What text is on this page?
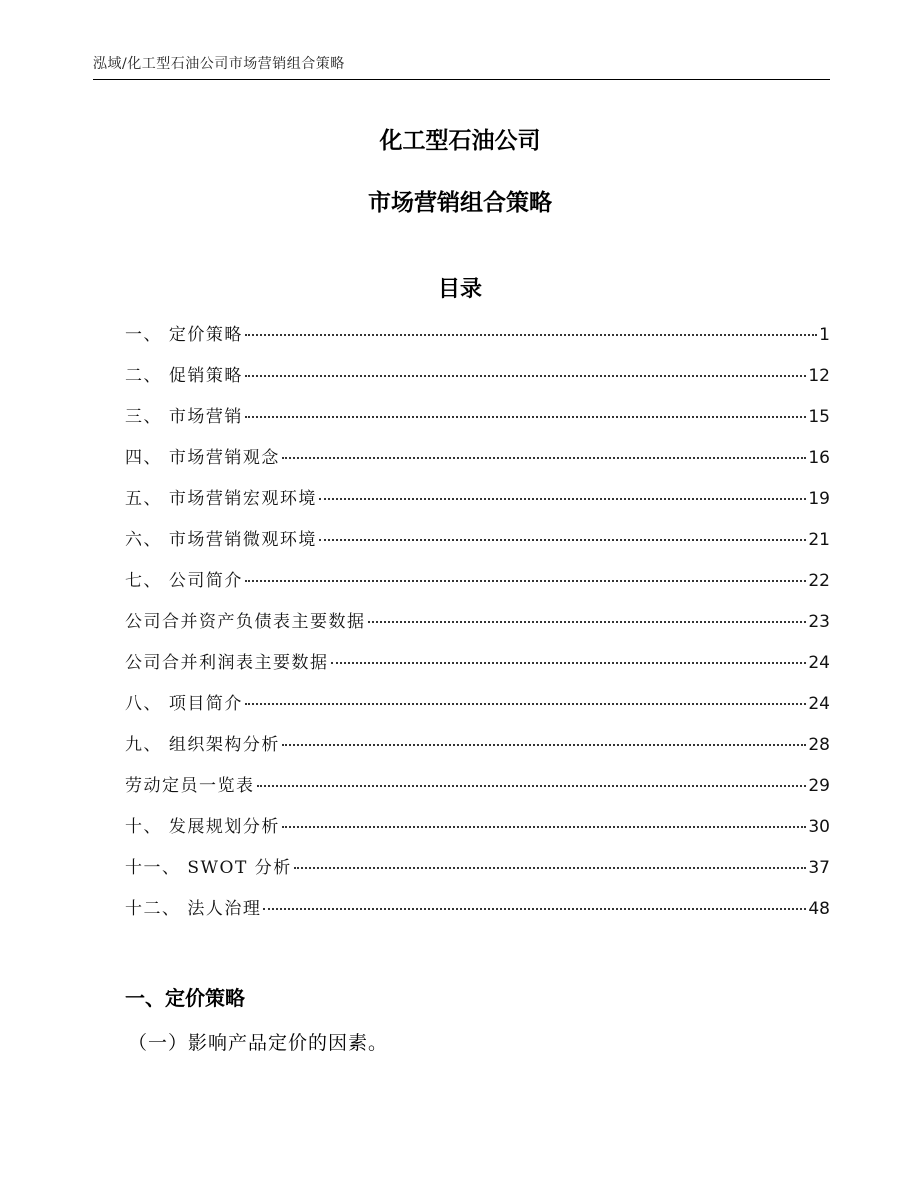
泓域/化工型石油公司市场营销组合策略
化工型石油公司
市场营销组合策略
目录
一、 定价策略	1
二、 促销策略	12
三、 市场营销	15
四、 市场营销观念	16
五、 市场营销宏观环境	19
六、 市场营销微观环境	21
七、 公司简介	22
公司合并资产负债表主要数据	23
公司合并利润表主要数据	24
八、 项目简介	24
九、 组织架构分析	28
劳动定员一览表	29
十、 发展规划分析	30
十一、 SWOT 分析	37
十二、 法人治理	48
一、定价策略
（一）影响产品定价的因素。
